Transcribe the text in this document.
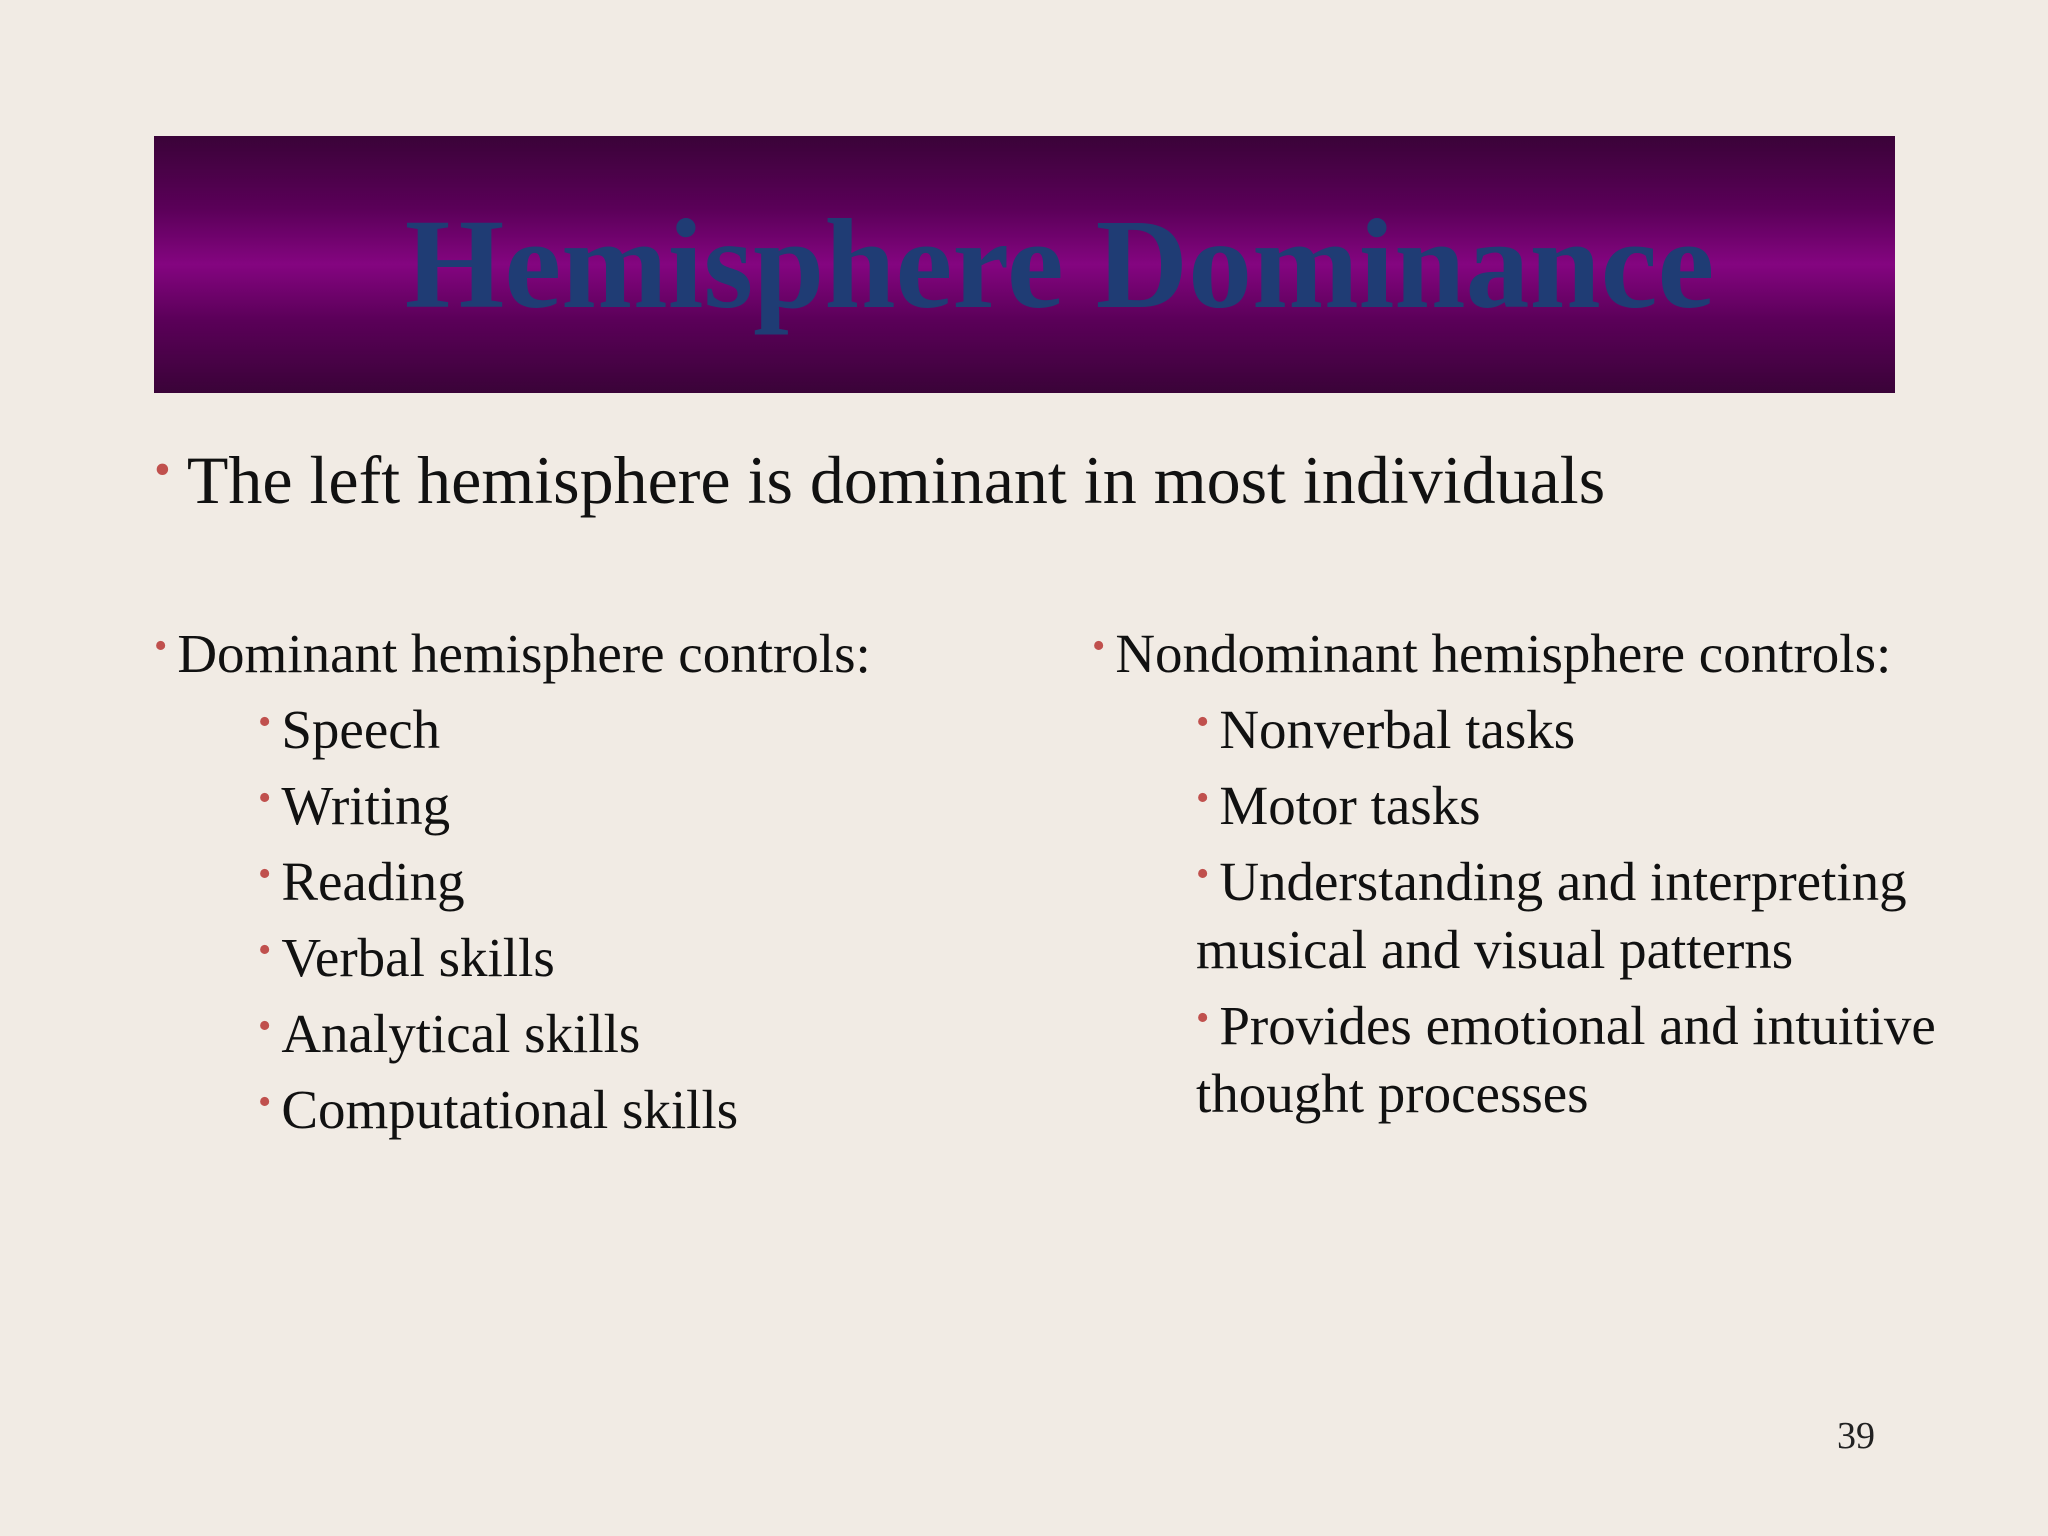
Hemisphere Dominance
• The left hemisphere is dominant in most individuals
• Dominant hemisphere controls:
• Speech
• Writing
• Reading
• Verbal skills
• Analytical skills
• Computational skills
• Nondominant hemisphere controls:
• Nonverbal tasks
• Motor tasks
• Understanding and interpreting musical and visual patterns
• Provides emotional and intuitive thought processes
39
